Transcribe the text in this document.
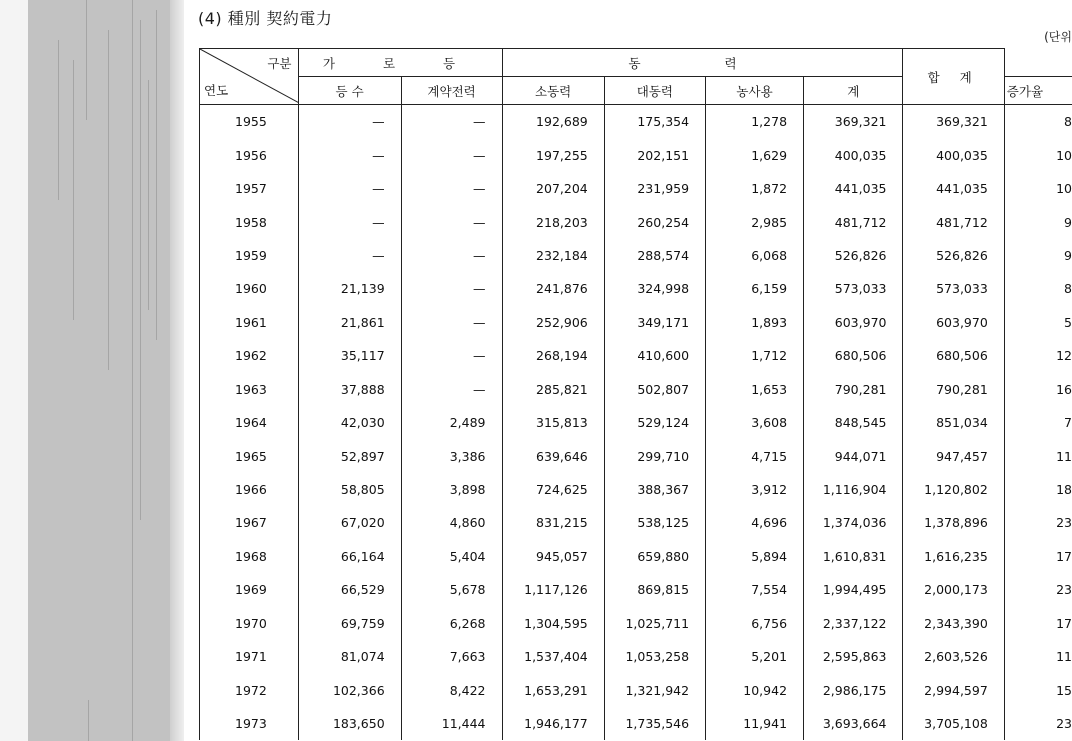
(4) 種別 契約電力
(단위
구분
연도	가 로 등		동 력				합 계	
	등 수	계약전력	소동력	대동력	농사용	계		증가율
1955	—	—	192,689	175,354	1,278	369,321	369,321	8
1956	—	—	197,255	202,151	1,629	400,035	400,035	10
1957	—	—	207,204	231,959	1,872	441,035	441,035	10
1958	—	—	218,203	260,254	2,985	481,712	481,712	9
1959	—	—	232,184	288,574	6,068	526,826	526,826	9
1960	21,139	—	241,876	324,998	6,159	573,033	573,033	8
1961	21,861	—	252,906	349,171	1,893	603,970	603,970	5
1962	35,117	—	268,194	410,600	1,712	680,506	680,506	12
1963	37,888	—	285,821	502,807	1,653	790,281	790,281	16
1964	42,030	2,489	315,813	529,124	3,608	848,545	851,034	7
1965	52,897	3,386	639,646	299,710	4,715	944,071	947,457	11
1966	58,805	3,898	724,625	388,367	3,912	1,116,904	1,120,802	18
1967	67,020	4,860	831,215	538,125	4,696	1,374,036	1,378,896	23
1968	66,164	5,404	945,057	659,880	5,894	1,610,831	1,616,235	17
1969	66,529	5,678	1,117,126	869,815	7,554	1,994,495	2,000,173	23
1970	69,759	6,268	1,304,595	1,025,711	6,756	2,337,122	2,343,390	17
1971	81,074	7,663	1,537,404	1,053,258	5,201	2,595,863	2,603,526	11
1972	102,366	8,422	1,653,291	1,321,942	10,942	2,986,175	2,994,597	15
1973	183,650	11,444	1,946,177	1,735,546	11,941	3,693,664	3,705,108	23
